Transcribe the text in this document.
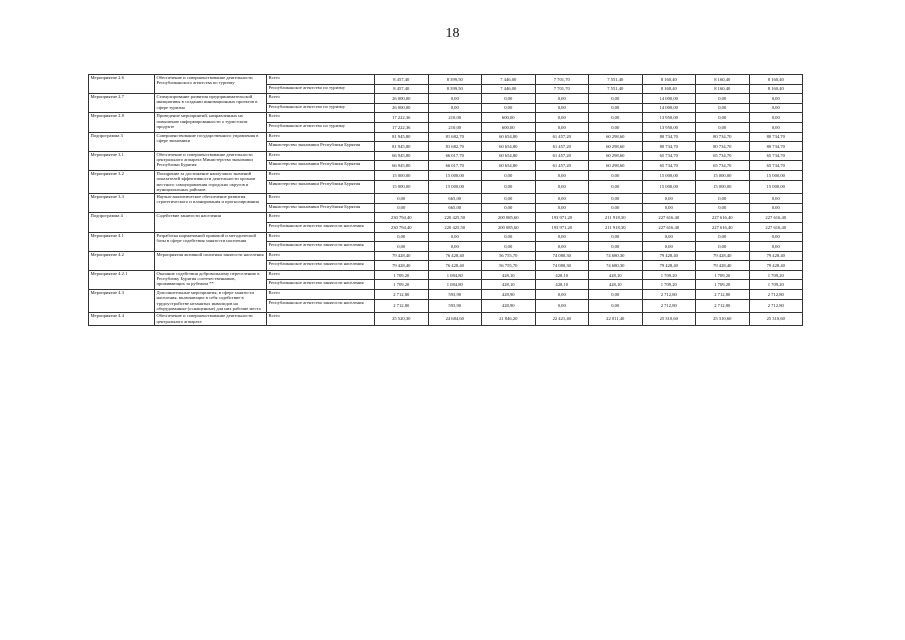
18
Мероприятие 2.6	Обеспечение и совершенствование деятельности Республиканского агентства по туризму	Всего	8 457,40	8 399,50	7 446,00	7 701,70	7 551,40	8 160,40	8 160,40	8 160,40
		Республиканское агентство по туризму	8 457,40	8 399,50	7 446,00	7 701,70	7 551,40	8 160,40	8 160,40	8 160,40
Мероприятие 2.7	Стимулирование развития предпринимательской инициативы в создании инновационных проектов в сфере туризма	Всего	26 000,00	0,00	0,00	0,00	0,00	14 000,00	0,00	0,00
		Республиканское агентство по туризму	26 000,00	0,00	0,00	0,00	0,00	14 000,00	0,00	0,00
Мероприятие 2.8	Проведение мероприятий, направленных на повышение информированности о туристском продукте	Всего	17 222,36	210,00	600,00	0,00	0,00	13 950,00	0,00	0,00
		Республиканское агентство по туризму	17 222,36	210,00	600,00	0,00	0,00	13 950,00	0,00	0,00
Подпрограмма 3	Совершенствование государственного управления в сфере экономики	Всего	81 945,80	81 682,70	60 654,80	61 457,20	60 298,60	80 734,70	80 734,70	80 734,70
		Министерство экономики Республики Бурятия	81 945,80	81 682,70	60 654,80	61 457,20	60 298,60	80 734,70	80 734,70	80 734,70
Мероприятие 3.1	Обеспечение и совершенствование деятельности центрального аппарата Министерства экономики Республики Бурятия	Всего	66 945,80	66 017,70	60 654,80	61 457,20	60 298,60	65 734,70	65 734,70	65 734,70
		Министерство экономики Республики Бурятия	66 945,80	66 017,70	60 654,80	61 457,20	60 298,60	65 734,70	65 734,70	65 734,70
Мероприятие 3.2	Поощрение за достижение наилучших значений показателей эффективности деятельности органов местного самоуправления городских округов и муниципальных районов	Всего	15 000,00	15 000,00	0,00	0,00	0,00	15 000,00	15 000,00	15 000,00
		Министерство экономики Республики Бурятия	15 000,00	15 000,00	0,00	0,00	0,00	15 000,00	15 000,00	15 000,00
Мероприятие 3.3	Научно-аналитическое обеспечение развития стратегического и планирования и прогнозирования	Всего	0,00	665,00	0,00	0,00	0,00	0,00	0,00	0,00
		Министерство экономики Республики Бурятия	0,00	665,00	0,00	0,00	0,00	0,00	0,00	0,00
Подпрограмма 4	Содействие занятости населения	Всего	230 794,40	220 425,50	200 085,60	193 971,20	211 918,30	227 616,40	227 616,40	227 616,40
		Республиканское агентство занятости населения	230 794,40	220 425,50	200 085,60	193 971,20	211 918,30	227 616,40	227 616,40	227 616,40
Мероприятие 4.1	Разработка нормативной правовой и методической базы в сфере содействия занятости населения	Всего	0,00	0,00	0,00	0,00	0,00	0,00	0,00	0,00
		Республиканское агентство занятости населения	0,00	0,00	0,00	0,00	0,00	0,00	0,00	0,00
Мероприятие 4.2	Мероприятия активной политики занятости населения	Всего	79 428,40	76 428,40	56 755,70	74 080,30	74 680,30	79 428,40	79 428,40	79 428,40
		Республиканское агентство занятости населения	79 428,40	76 428,40	56 755,70	74 080,30	74 680,30	79 428,40	79 428,40	79 428,40
Мероприятие 4.2.1	Оказание содействия добровольному переселению в Республику Бурятия соотечественников, проживающих за рубежом **	Всего	1 709,20	1 084,80	428,10	428,10	428,10	1 709,20	1 709,20	1 709,20
		Республиканское агентство занятости населения	1 709,20	1 084,80	428,10	428,10	428,10	1 709,20	1 709,20	1 709,20
Мероприятие 4.3	Дополнительные мероприятия, в сфере занятости населения, включающие в себя содействие в трудоустройстве незанятых инвалидов на оборудованные (оснащенные) для них рабочие места	Всего	2 712,80	593,90	428,90	0,00	0,00	2 712,80	2 712,80	2 712,80
		Республиканское агентство занятости населения	2 712,80	593,90	428,90	0,00	0,00	2 712,80	2 712,80	2 712,80
Мероприятие 4.4	Обеспечение и совершенствование деятельности центрального аппарата	Всего	25 520,30	24 684,60	21 846,20	22 421,40	22 011,40	25 310,60	25 310,60	25 310,60
